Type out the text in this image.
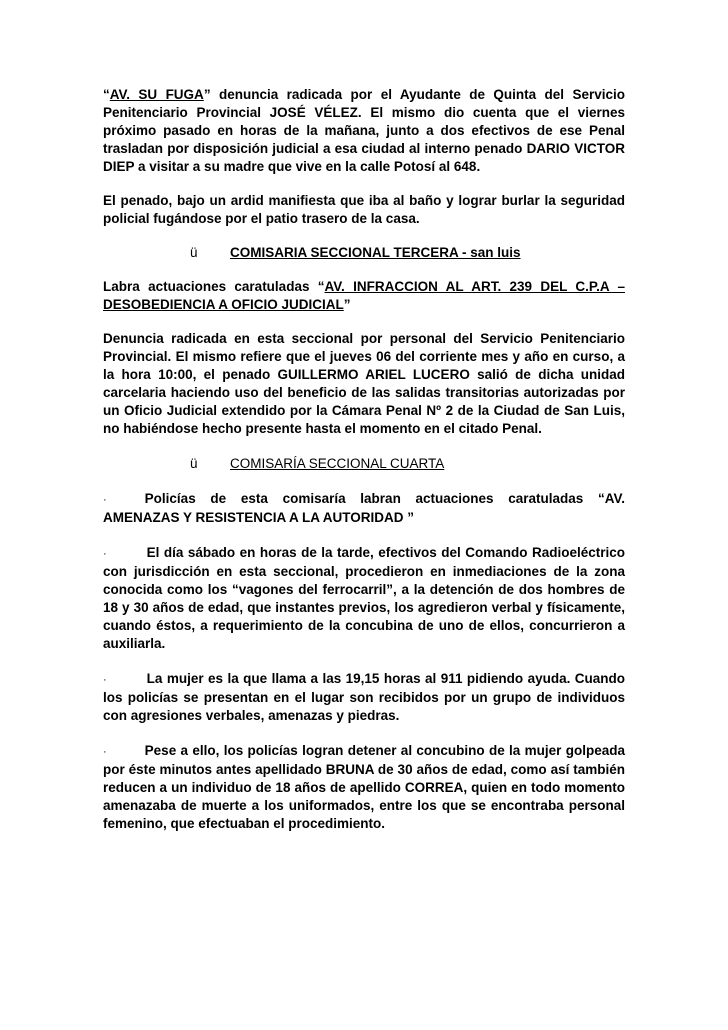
“AV. SU FUGA” denuncia radicada por el Ayudante de Quinta del Servicio Penitenciario Provincial JOSÉ VÉLEZ. El mismo dio cuenta que el viernes próximo pasado en horas de la mañana, junto a dos efectivos de ese Penal trasladan por disposición judicial a esa ciudad al interno penado DARIO VICTOR DIEP a visitar a su madre que vive en la calle Potosí al 648.

El penado, bajo un ardid manifiesta que iba al baño y lograr burlar la seguridad policial fugándose por el patio trasero de la casa.

ü COMISARIA SECCIONAL TERCERA - san luis

Labra actuaciones caratuladas “AV. INFRACCION AL ART. 239 DEL C.P.A – DESOBEDIENCIA A OFICIO JUDICIAL”

Denuncia radicada en esta seccional por personal del Servicio Penitenciario Provincial. El mismo refiere que el jueves 06 del corriente mes y año en curso, a la hora 10:00, el penado GUILLERMO ARIEL LUCERO salió de dicha unidad carcelaria haciendo uso del beneficio de las salidas transitorias autorizadas por un Oficio Judicial extendido por la Cámara Penal Nº 2 de la Ciudad de San Luis, no habiéndose hecho presente hasta el momento en el citado Penal.

ü COMISARÍA SECCIONAL CUARTA

·	Policías de esta comisaría labran actuaciones caratuladas “AV. AMENAZAS Y RESISTENCIA A LA AUTORIDAD ”

·	El día sábado en horas de la tarde, efectivos del Comando Radioeléctrico con jurisdicción en esta seccional, procedieron en inmediaciones de la zona conocida como los “vagones del ferrocarril”, a la detención de dos hombres de 18 y 30 años de edad, que instantes previos, los agredieron verbal y físicamente, cuando éstos, a requerimiento de la concubina de uno de ellos, concurrieron a auxiliarla.

·	La mujer es la que llama a las 19,15 horas al 911 pidiendo ayuda. Cuando los policías se presentan en el lugar son recibidos por un grupo de individuos con agresiones verbales, amenazas y piedras.

·	Pese a ello, los policías logran detener al concubino de la mujer golpeada por éste minutos antes apellidado BRUNA de 30 años de edad, como así también reducen a un individuo de 18 años de apellido CORREA, quien en todo momento amenazaba de muerte a los uniformados, entre los que se encontraba personal femenino, que efectuaban el procedimiento.
